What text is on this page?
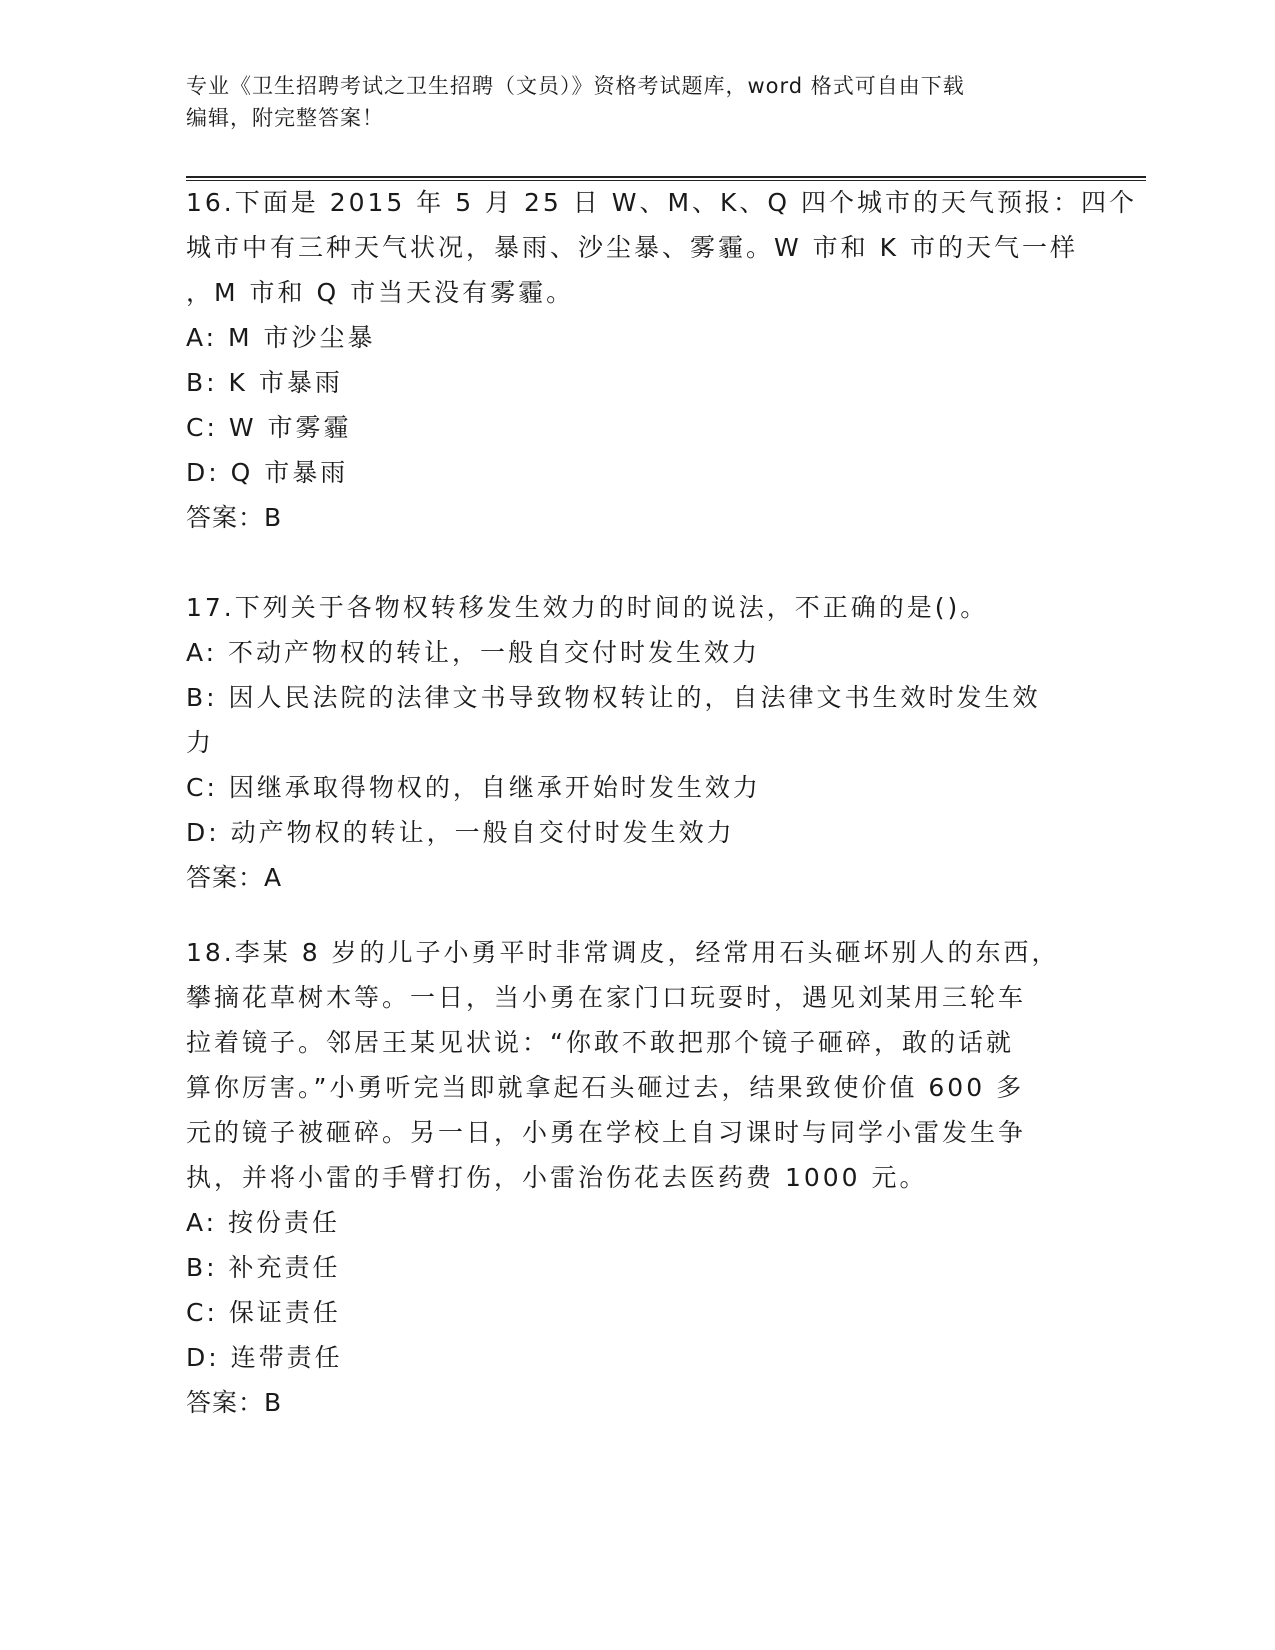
专业《卫生招聘考试之卫生招聘（文员）》资格考试题库，word 格式可自由下载
编辑，附完整答案！
16.下面是 2015 年 5 月 25 日 W、M、K、Q 四个城市的天气预报：四个
城市中有三种天气状况，暴雨、沙尘暴、雾霾。W 市和 K 市的天气一样
，M 市和 Q 市当天没有雾霾。
A: M 市沙尘暴
B: K 市暴雨
C: W 市雾霾
D: Q 市暴雨
答案：B
17.下列关于各物权转移发生效力的时间的说法，不正确的是()。
A: 不动产物权的转让，一般自交付时发生效力
B: 因人民法院的法律文书导致物权转让的，自法律文书生效时发生效
力
C: 因继承取得物权的，自继承开始时发生效力
D: 动产物权的转让，一般自交付时发生效力
答案：A
18.李某 8 岁的儿子小勇平时非常调皮，经常用石头砸坏别人的东西，
攀摘花草树木等。一日，当小勇在家门口玩耍时，遇见刘某用三轮车
拉着镜子。邻居王某见状说：“你敢不敢把那个镜子砸碎，敢的话就
算你厉害。”小勇听完当即就拿起石头砸过去，结果致使价值 600 多
元的镜子被砸碎。另一日，小勇在学校上自习课时与同学小雷发生争
执，并将小雷的手臂打伤，小雷治伤花去医药费 1000 元。
A: 按份责任
B: 补充责任
C: 保证责任
D: 连带责任
答案：B
